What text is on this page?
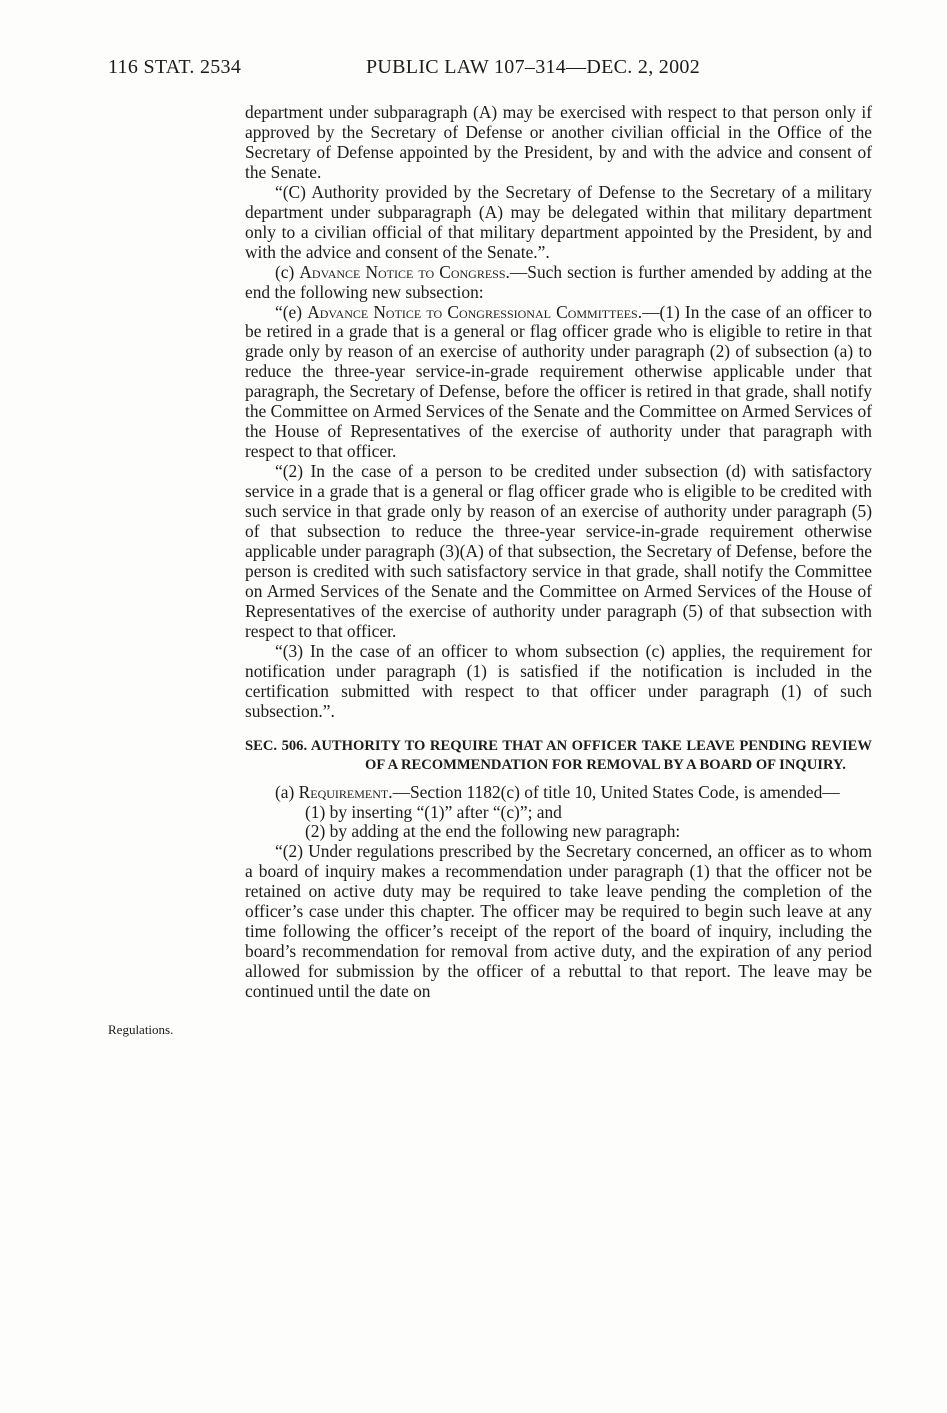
116 STAT. 2534	PUBLIC LAW 107–314—DEC. 2, 2002
Regulations.

department under subparagraph (A) may be exercised with respect to that person only if approved by the Secretary of Defense or another civilian official in the Office of the Secretary of Defense appointed by the President, by and with the advice and consent of the Senate.

“(C) Authority provided by the Secretary of Defense to the Secretary of a military department under subparagraph (A) may be delegated within that military department only to a civilian official of that military department appointed by the President, by and with the advice and consent of the Senate.”.

(c) Advance Notice to Congress.—Such section is further amended by adding at the end the following new subsection:

“(e) Advance Notice to Congressional Committees.—(1) In the case of an officer to be retired in a grade that is a general or flag officer grade who is eligible to retire in that grade only by reason of an exercise of authority under paragraph (2) of subsection (a) to reduce the three-year service-in-grade requirement otherwise applicable under that paragraph, the Secretary of Defense, before the officer is retired in that grade, shall notify the Committee on Armed Services of the Senate and the Committee on Armed Services of the House of Representatives of the exercise of authority under that paragraph with respect to that officer.

“(2) In the case of a person to be credited under subsection (d) with satisfactory service in a grade that is a general or flag officer grade who is eligible to be credited with such service in that grade only by reason of an exercise of authority under paragraph (5) of that subsection to reduce the three-year service-in-grade requirement otherwise applicable under paragraph (3)(A) of that subsection, the Secretary of Defense, before the person is credited with such satisfactory service in that grade, shall notify the Committee on Armed Services of the Senate and the Committee on Armed Services of the House of Representatives of the exercise of authority under paragraph (5) of that subsection with respect to that officer.

“(3) In the case of an officer to whom subsection (c) applies, the requirement for notification under paragraph (1) is satisfied if the notification is included in the certification submitted with respect to that officer under paragraph (1) of such subsection.”.

SEC. 506. AUTHORITY TO REQUIRE THAT AN OFFICER TAKE LEAVE PENDING REVIEW OF A RECOMMENDATION FOR REMOVAL BY A BOARD OF INQUIRY.

(a) Requirement.—Section 1182(c) of title 10, United States Code, is amended—

(1) by inserting “(1)” after “(c)”; and

(2) by adding at the end the following new paragraph:

“(2) Under regulations prescribed by the Secretary concerned, an officer as to whom a board of inquiry makes a recommendation under paragraph (1) that the officer not be retained on active duty may be required to take leave pending the completion of the officer’s case under this chapter. The officer may be required to begin such leave at any time following the officer’s receipt of the report of the board of inquiry, including the board’s recommendation for removal from active duty, and the expiration of any period allowed for submission by the officer of a rebuttal to that report. The leave may be continued until the date on
